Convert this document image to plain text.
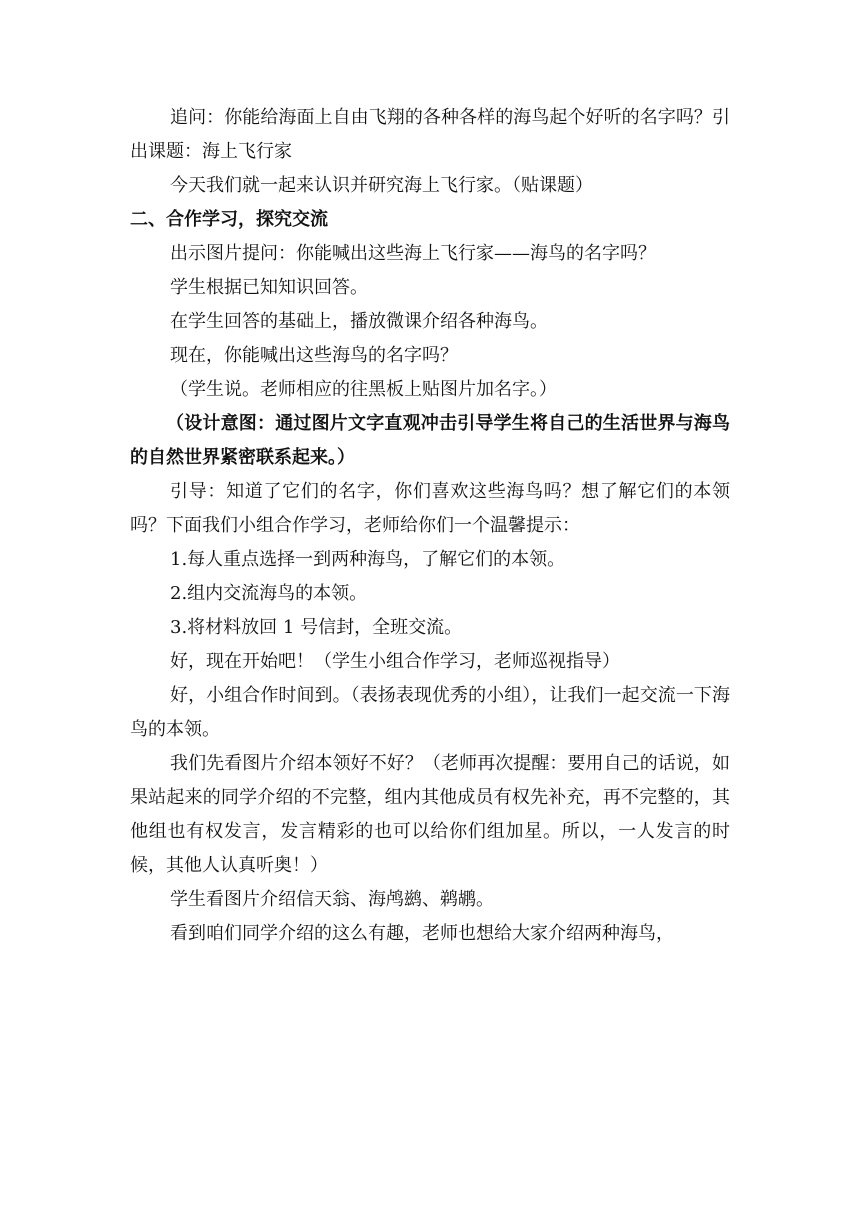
追问：你能给海面上自由飞翔的各种各样的海鸟起个好听的名字吗？引出课题：海上飞行家

今天我们就一起来认识并研究海上飞行家。（贴课题）

二、合作学习，探究交流

出示图片提问：你能喊出这些海上飞行家——海鸟的名字吗？

学生根据已知知识回答。

在学生回答的基础上，播放微课介绍各种海鸟。

现在，你能喊出这些海鸟的名字吗？

（学生说。老师相应的往黑板上贴图片加名字。）

（设计意图：通过图片文字直观冲击引导学生将自己的生活世界与海鸟的自然世界紧密联系起来。）

引导：知道了它们的名字，你们喜欢这些海鸟吗？想了解它们的本领吗？下面我们小组合作学习，老师给你们一个温馨提示：

1.每人重点选择一到两种海鸟，了解它们的本领。

2.组内交流海鸟的本领。

3.将材料放回 1 号信封，全班交流。

好，现在开始吧！（学生小组合作学习，老师巡视指导）

好，小组合作时间到。（表扬表现优秀的小组），让我们一起交流一下海鸟的本领。

我们先看图片介绍本领好不好？（老师再次提醒：要用自己的话说，如果站起来的同学介绍的不完整，组内其他成员有权先补充，再不完整的，其他组也有权发言，发言精彩的也可以给你们组加星。所以，一人发言的时候，其他人认真听奥！）

学生看图片介绍信天翁、海鸬鹚、鹈鹕。

看到咱们同学介绍的这么有趣，老师也想给大家介绍两种海鸟，
